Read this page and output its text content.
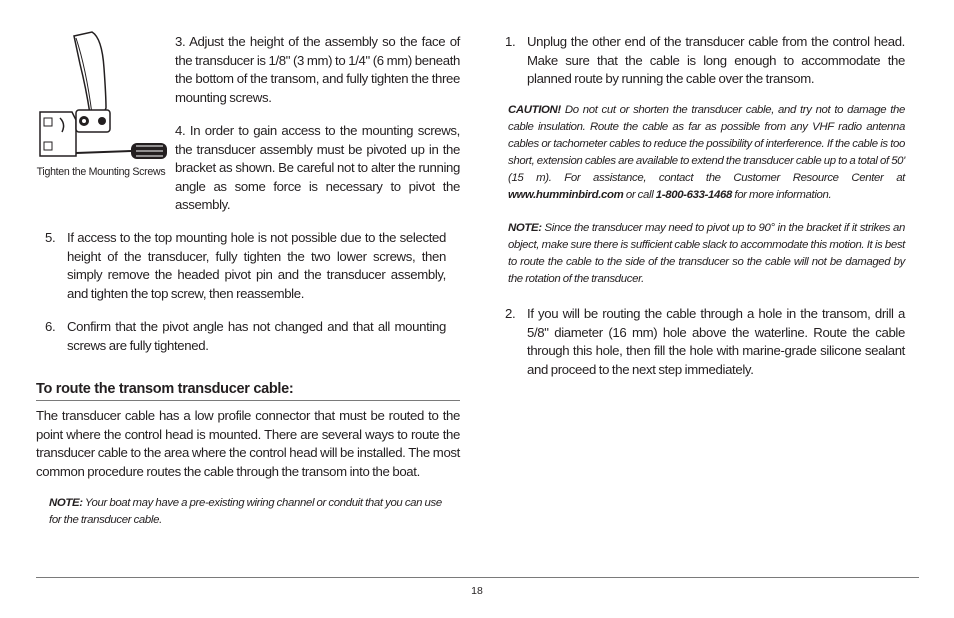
Tighten the Mounting Screws
3. Adjust the height of the assembly so the face of the transducer is 1/8" (3 mm) to 1/4" (6 mm) beneath the bottom of the transom, and fully tighten the three mounting screws.
4. In order to gain access to the mounting screws, the transducer assembly must be pivoted up in the bracket as shown. Be careful not to alter the running angle as some force is necessary to pivot the assembly.
5. If access to the top mounting hole is not possible due to the selected height of the transducer, fully tighten the two lower screws, then simply remove the headed pivot pin and the transducer assembly, and tighten the top screw, then reassemble.
6. Confirm that the pivot angle has not changed and that all mounting screws are fully tightened.
To route the transom transducer cable:
The transducer cable has a low profile connector that must be routed to the point where the control head is mounted. There are several ways to route the transducer cable to the area where the control head will be installed. The most common procedure routes the cable through the transom into the boat.
NOTE: Your boat may have a pre-existing wiring channel or conduit that you can use for the transducer cable.
1. Unplug the other end of the transducer cable from the control head. Make sure that the cable is long enough to accommodate the planned route by running the cable over the transom.
CAUTION! Do not cut or shorten the transducer cable, and try not to damage the cable insulation. Route the cable as far as possible from any VHF radio antenna cables or tachometer cables to reduce the possibility of interference. If the cable is too short, extension cables are available to extend the transducer cable up to a total of 50' (15 m). For assistance, contact the Customer Resource Center at www.humminbird.com or call 1-800-633-1468 for more information.
NOTE: Since the transducer may need to pivot up to 90° in the bracket if it strikes an object, make sure there is sufficient cable slack to accommodate this motion. It is best to route the cable to the side of the transducer so the cable will not be damaged by the rotation of the transducer.
2. If you will be routing the cable through a hole in the transom, drill a 5/8" diameter (16 mm) hole above the waterline. Route the cable through this hole, then fill the hole with marine-grade silicone sealant and proceed to the next step immediately.
18
